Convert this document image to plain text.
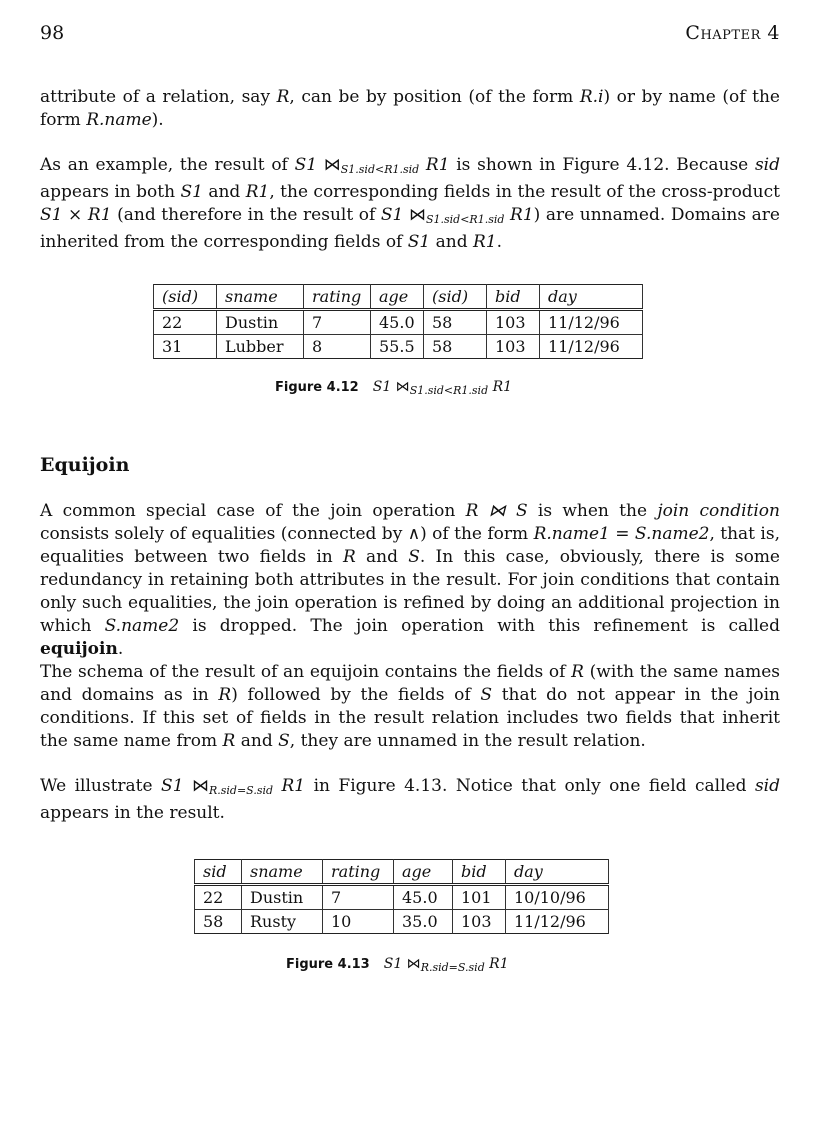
98	Chapter 4

attribute of a relation, say R, can be by position (of the form R.i) or by name (of the form R.name).

As an example, the result of S1 $⋈_{S1.sid<R1.sid}$ R1 is shown in Figure 4.12. Because sid appears in both S1 and R1, the corresponding fields in the result of the cross-product S1 × R1 (and therefore in the result of S1 $⋈_{S1.sid<R1.sid}$ R1) are unnamed. Domains are inherited from the corresponding fields of S1 and R1.

(sid)	sname	rating	age	(sid)	bid	day
22	Dustin	7	45.0	58	103	11/12/96
31	Lubber	8	55.5	58	103	11/12/96
Figure 4.12 S1 $⋈_{S1.sid<R1.sid}$ R1
Equijoin

A common special case of the join operation R ⋈ S is when the join condition consists solely of equalities (connected by ∧) of the form R.name1 = S.name2, that is, equalities between two fields in R and S. In this case, obviously, there is some redundancy in retaining both attributes in the result. For join conditions that contain only such equalities, the join operation is refined by doing an additional projection in which S.name2 is dropped. The join operation with this refinement is called equijoin.

The schema of the result of an equijoin contains the fields of R (with the same names and domains as in R) followed by the fields of S that do not appear in the join conditions. If this set of fields in the result relation includes two fields that inherit the same name from R and S, they are unnamed in the result relation.

We illustrate S1 $⋈_{R.sid=S.sid}$ R1 in Figure 4.13. Notice that only one field called sid appears in the result.

sid	sname	rating	age	bid	day
22	Dustin	7	45.0	101	10/10/96
58	Rusty	10	35.0	103	11/12/96
Figure 4.13 S1 $⋈_{R.sid=S.sid}$ R1
